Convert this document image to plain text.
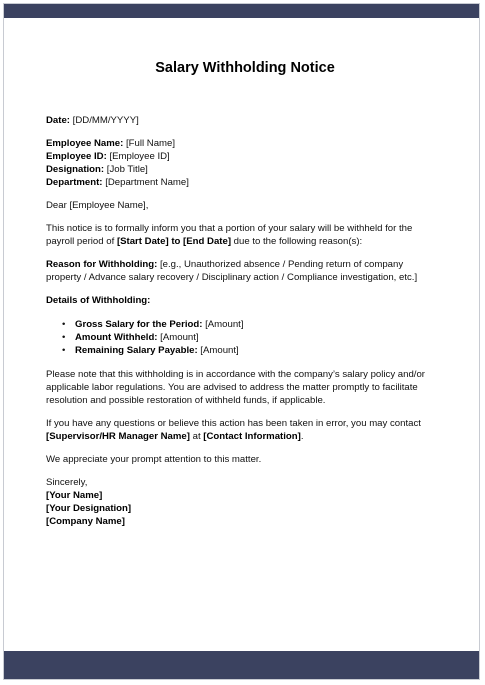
Salary Withholding Notice

Date: [DD/MM/YYYY]

Employee Name: [Full Name]
Employee ID: [Employee ID]
Designation: [Job Title]
Department: [Department Name]

Dear [Employee Name],

This notice is to formally inform you that a portion of your salary will be withheld for the
payroll period of [Start Date] to [End Date] due to the following reason(s):

Reason for Withholding: [e.g., Unauthorized absence / Pending return of company
property / Advance salary recovery / Disciplinary action / Compliance investigation, etc.]

Details of Withholding:

• Gross Salary for the Period: [Amount]
• Amount Withheld: [Amount]
• Remaining Salary Payable: [Amount]

Please note that this withholding is in accordance with the company’s salary policy and/or
applicable labor regulations. You are advised to address the matter promptly to facilitate
resolution and possible restoration of withheld funds, if applicable.

If you have any questions or believe this action has been taken in error, you may contact
[Supervisor/HR Manager Name] at [Contact Information].

We appreciate your prompt attention to this matter.

Sincerely,
[Your Name]
[Your Designation]
[Company Name]
